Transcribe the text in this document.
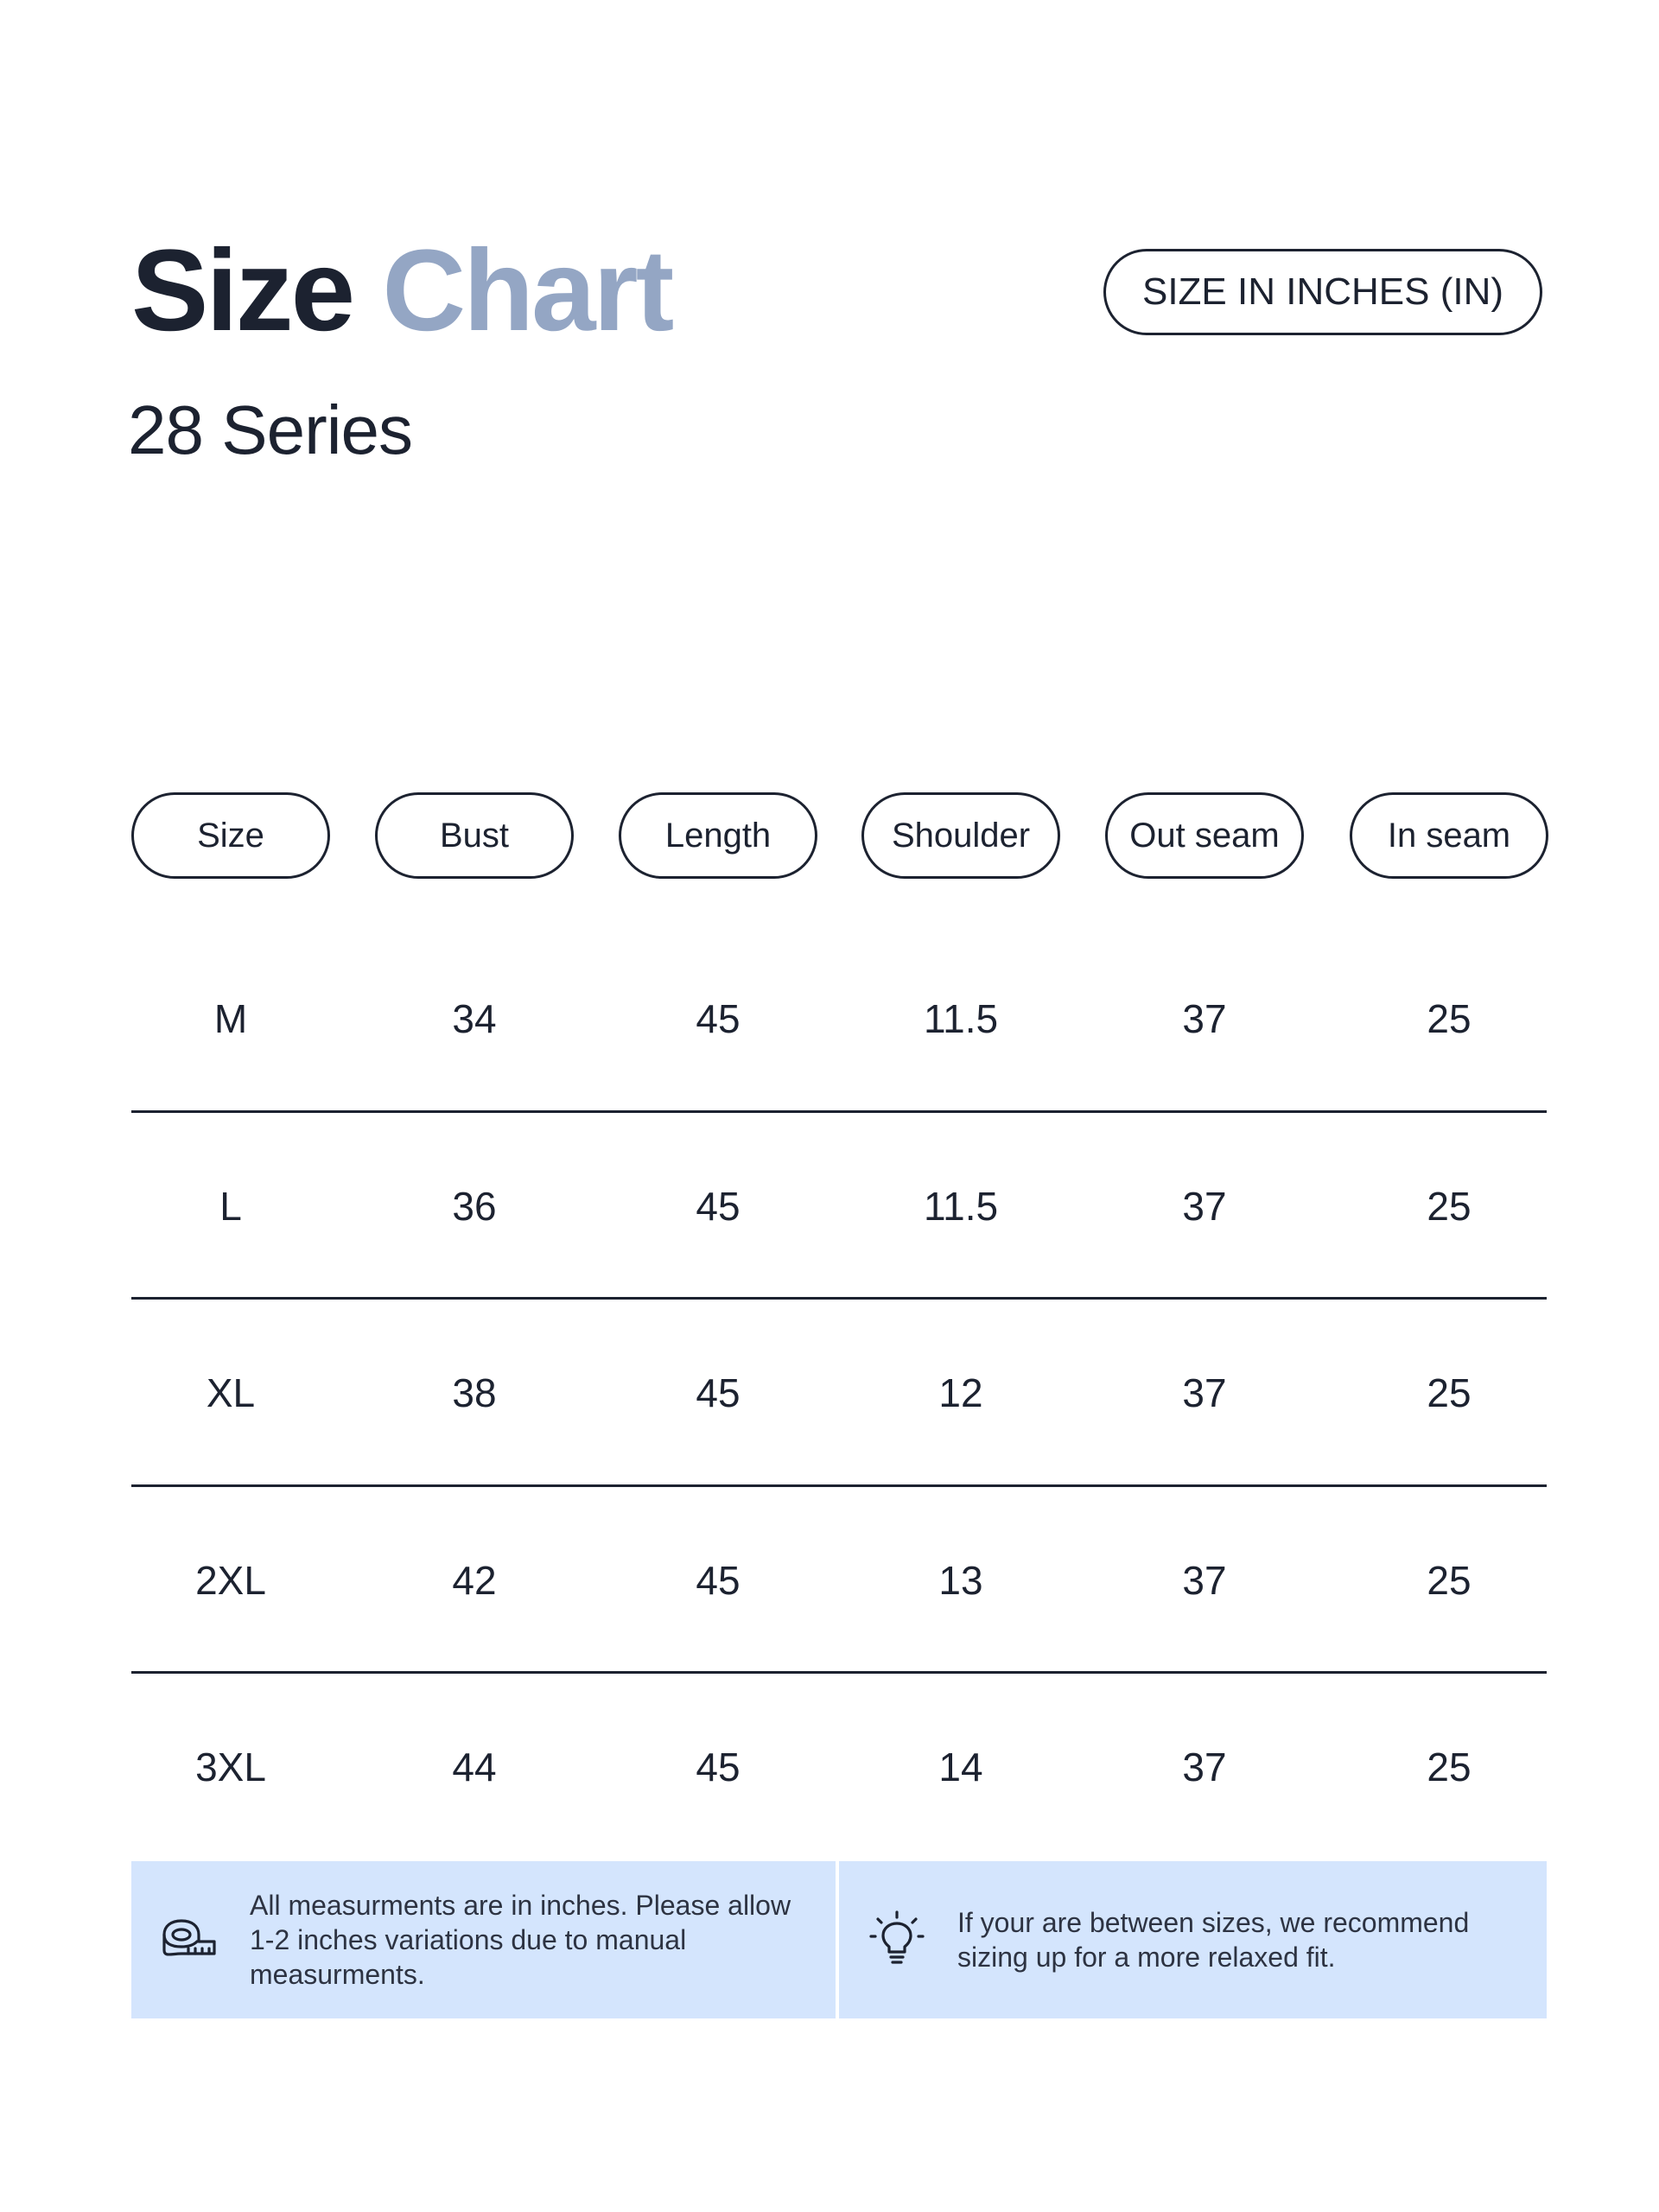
Size Chart
28 Series
SIZE IN INCHES (IN)
Size	Bust	Length	Shoulder	Out seam	In seam
M	34	45	11.5	37	25
L	36	45	11.5	37	25
XL	38	45	12	37	25
2XL	42	45	13	37	25
3XL	44	45	14	37	25
All measurments are in inches. Please allow 1-2 inches variations due to manual measurments.
If your are between sizes, we recommend sizing up for a more relaxed fit.
